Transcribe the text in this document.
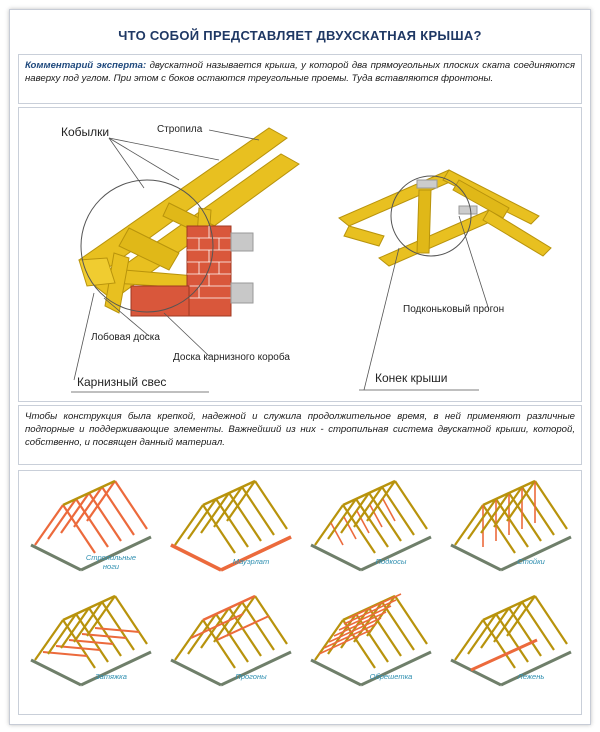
ЧТО СОБОЙ ПРЕДСТАВЛЯЕТ ДВУХСКАТНАЯ КРЫША?
Комментарий эксперта: двускатной называется крыша, у которой два прямоугольных плоских ската соединяются наверху под углом. При этом с боков остаются треугольные проемы. Туда вставляются фронтоны.
Кобылки	Стропила
Лобовая доска
Доска карнизного короба
Карнизный свес
Подконьковый прогон
Конек крыши
Чтобы конструкция была крепкой, надежной и служила продолжительное время, в ней применяют различные подпорные и поддерживающие элементы. Важнейший из них - стропильная система двускатной крыши, которой, собственно, и посвящен данный материал.
Стропильные ноги
Мауэрлат	Подкосы	Стойки
Затяжка	Прогоны	Обрешетка	Лежень
